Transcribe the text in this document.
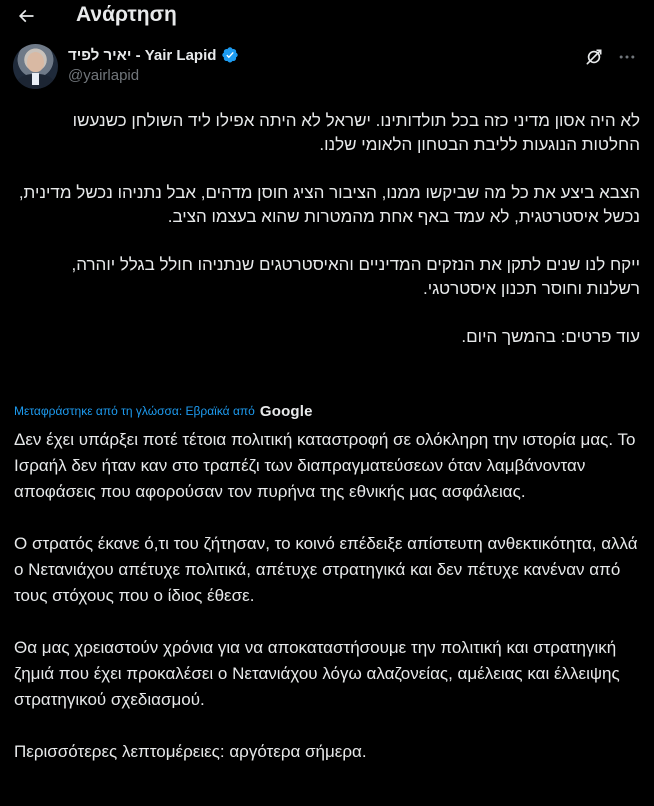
Ανάρτηση
יאיר לפיד - Yair Lapid
@yairlapid

לא היה אסון מדיני כזה בכל תולדותינו. ישראל לא היתה אפילו ליד השולחן כשנעשו החלטות הנוגעות לליבת הבטחון הלאומי שלנו.

הצבא ביצע את כל מה שביקשו ממנו, הציבור הציג חוסן מדהים, אבל נתניהו נכשל מדינית, נכשל איסטרטגית, לא עמד באף אחת מהמטרות שהוא בעצמו הציב.

ייקח לנו שנים לתקן את הנזקים המדיניים והאיסטרטגים שנתניהו חולל בגלל יוהרה, רשלנות וחוסר תכנון איסטרטגי.

עוד פרטים: בהמשך היום.

Μεταφράστηκε από τη γλώσσα: Εβραϊκά από Google

Δεν έχει υπάρξει ποτέ τέτοια πολιτική καταστροφή σε ολόκληρη την ιστορία μας. Το Ισραήλ δεν ήταν καν στο τραπέζι των διαπραγματεύσεων όταν λαμβάνονταν αποφάσεις που αφορούσαν τον πυρήνα της εθνικής μας ασφάλειας.

Ο στρατός έκανε ό,τι του ζήτησαν, το κοινό επέδειξε απίστευτη ανθεκτικότητα, αλλά ο Νετανιάχου απέτυχε πολιτικά, απέτυχε στρατηγικά και δεν πέτυχε κανέναν από τους στόχους που ο ίδιος έθεσε.

Θα μας χρειαστούν χρόνια για να αποκαταστήσουμε την πολιτική και στρατηγική ζημιά που έχει προκαλέσει ο Νετανιάχου λόγω αλαζονείας, αμέλειας και έλλειψης στρατηγικού σχεδιασμού.

Περισσότερες λεπτομέρειες: αργότερα σήμερα.
